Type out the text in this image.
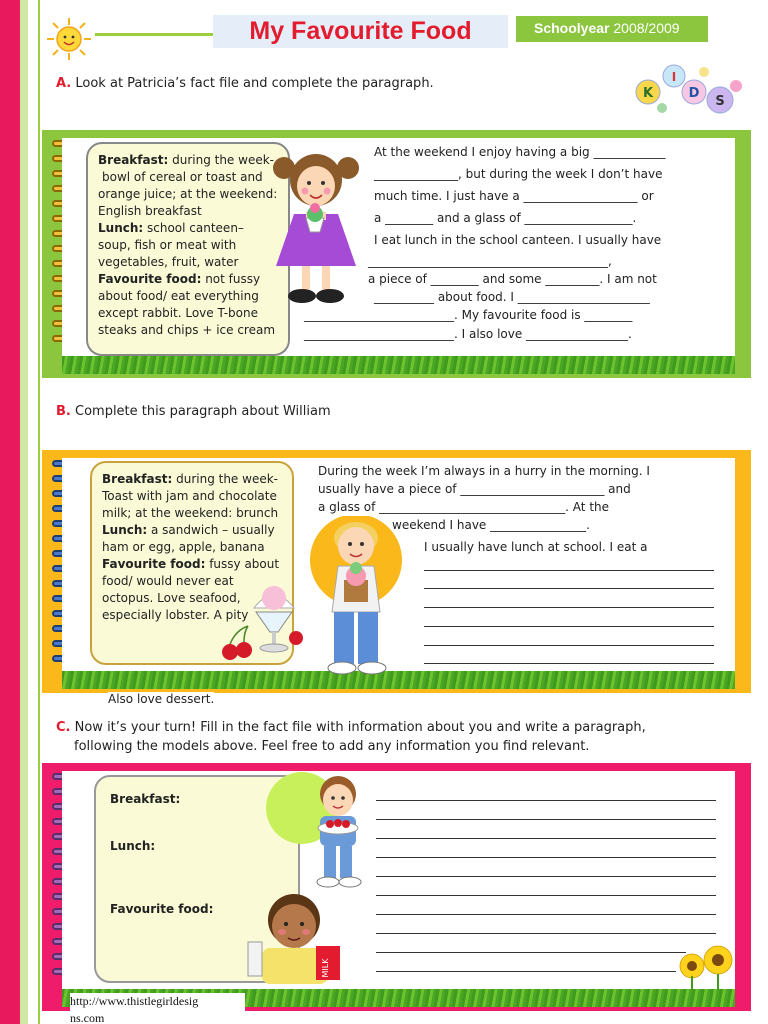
My Favourite Food	Schoolyear 2008/2009
K
I
D
S
A. Look at Patricia’s fact file and complete the paragraph.
Breakfast: during the week-
bowl of cereal or toast and orange juice; at the weekend: English breakfast
Lunch: school canteen– soup, fish or meat with vegetables, fruit, water
Favourite food: not fussy about food/ eat everything except rabbit. Love T-bone steaks and chips + ice cream
At the weekend I enjoy having a big ____________
______________, but during the week I don’t have
much time. I just have a ___________________ or
a ________ and a glass of __________________.
I eat lunch in the school canteen. I usually have
________________________________________,
a piece of ________ and some _________. I am not
__________ about food. I ______________________
_________________________. My favourite food is ________
_________________________. I also love _________________.
B. Complete this paragraph about William
Breakfast: during the week-
Toast with jam and chocolate milk; at the weekend: brunch
Lunch: a sandwich – usually ham or egg, apple, banana
Favourite food: fussy about food/ would never eat octopus. Love seafood, especially lobster. A pity
Also love dessert.
During the week I’m always in a hurry in the morning. I
usually have a piece of ________________________ and
a glass of _______________________________. At the
weekend I have ________________.
I usually have lunch at school. I eat a
C. Now it’s your turn! Fill in the fact file with information about you and write a paragraph,
following the models above. Feel free to add any information you find relevant.
Breakfast:
Lunch:
Favourite food:
MILK
http://www.thistlegirldesig
ns.com
